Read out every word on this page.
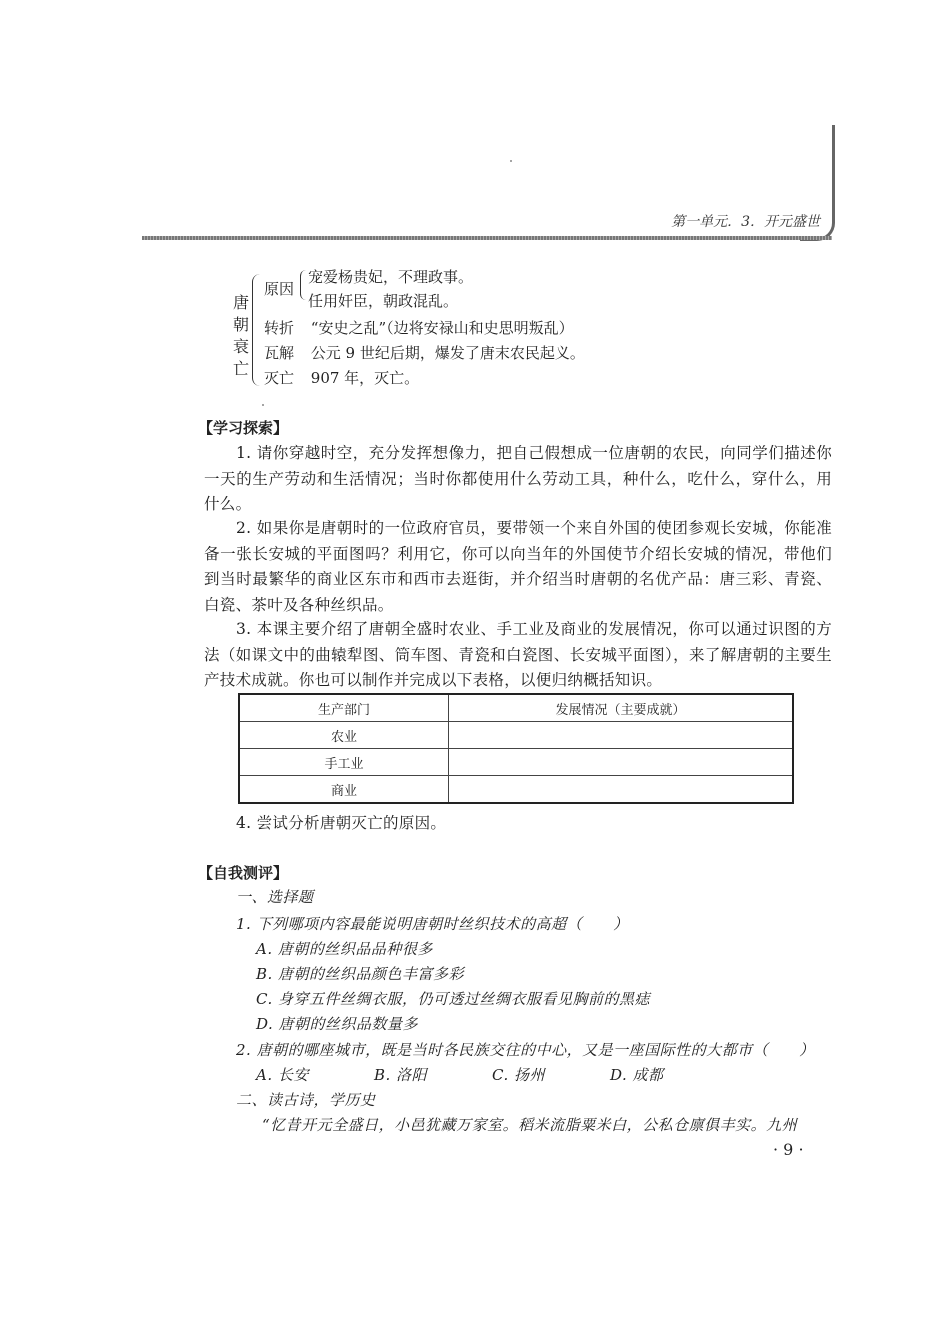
第一单元．3．开元盛世
唐
朝
衰
亡
原因
宠爱杨贵妃，不理政事。
任用奸臣，朝政混乱。
转折 “安史之乱”（边将安禄山和史思明叛乱）
瓦解 公元 9 世纪后期，爆发了唐末农民起义。
灭亡 907 年，灭亡。
【学习探索】
1. 请你穿越时空，充分发挥想像力，把自己假想成一位唐朝的农民，向同学们描述你一天的生产劳动和生活情况；当时你都使用什么劳动工具，种什么，吃什么，穿什么，用什么。
2. 如果你是唐朝时的一位政府官员，要带领一个来自外国的使团参观长安城，你能准备一张长安城的平面图吗？利用它，你可以向当年的外国使节介绍长安城的情况，带他们到当时最繁华的商业区东市和西市去逛街，并介绍当时唐朝的名优产品：唐三彩、青瓷、白瓷、茶叶及各种丝织品。
3. 本课主要介绍了唐朝全盛时农业、手工业及商业的发展情况，你可以通过识图的方法（如课文中的曲辕犁图、筒车图、青瓷和白瓷图、长安城平面图），来了解唐朝的主要生产技术成就。你也可以制作并完成以下表格，以便归纳概括知识。
生产部门	发展情况（主要成就）
农业	
手工业	
商业	
4. 尝试分析唐朝灭亡的原因。
【自我测评】
一、选择题
1. 下列哪项内容最能说明唐朝时丝织技术的高超（　　）
A. 唐朝的丝织品品种很多
B. 唐朝的丝织品颜色丰富多彩
C. 身穿五件丝绸衣服，仍可透过丝绸衣服看见胸前的黑痣
D. 唐朝的丝织品数量多
2. 唐朝的哪座城市，既是当时各民族交往的中心，又是一座国际性的大都市（　　）
A. 长安	B. 洛阳	C. 扬州	D. 成都
二、读古诗，学历史
“忆昔开元全盛日，小邑犹藏万家室。稻米流脂粟米白，公私仓廪俱丰实。九州
· 9 ·
